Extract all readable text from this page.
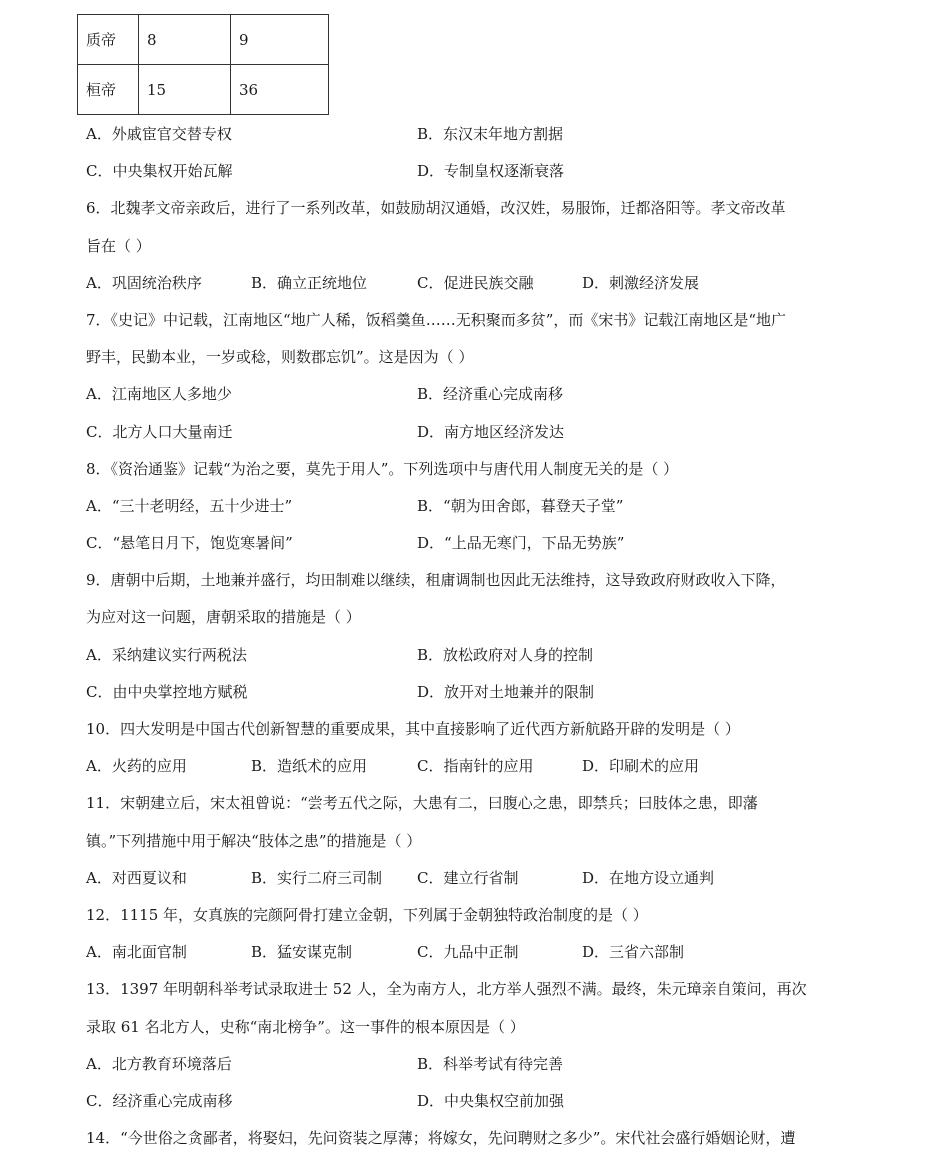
质帝	8	9
桓帝	15	36
A．外戚宦官交替专权	B．东汉末年地方割据
C．中央集权开始瓦解	D．专制皇权逐渐衰落
6．北魏孝文帝亲政后，进行了一系列改革，如鼓励胡汉通婚，改汉姓，易服饰，迁都洛阳等。孝文帝改革
旨在（ ）
A．巩固统治秩序	B．确立正统地位	C．促进民族交融	D．刺激经济发展
7．《史记》中记载，江南地区“地广人稀，饭稻羹鱼……无积聚而多贫”，而《宋书》记载江南地区是“地广
野丰，民勤本业，一岁或稔，则数郡忘饥”。这是因为（ ）
A．江南地区人多地少	B．经济重心完成南移
C．北方人口大量南迁	D．南方地区经济发达
8．《资治通鉴》记载“为治之要，莫先于用人”。下列选项中与唐代用人制度无关的是（ ）
A．“三十老明经，五十少进士”	B．“朝为田舍郎，暮登天子堂”
C．“悬笔日月下，饱览寒暑间”	D．“上品无寒门，下品无势族”
9．唐朝中后期，土地兼并盛行，均田制难以继续，租庸调制也因此无法维持，这导致政府财政收入下降，
为应对这一问题，唐朝采取的措施是（ ）
A．采纳建议实行两税法	B．放松政府对人身的控制
C．由中央掌控地方赋税	D．放开对土地兼并的限制
10．四大发明是中国古代创新智慧的重要成果，其中直接影响了近代西方新航路开辟的发明是（ ）
A．火药的应用	B．造纸术的应用	C．指南针的应用	D．印刷术的应用
11．宋朝建立后，宋太祖曾说：“尝考五代之际，大患有二，曰腹心之患，即禁兵；曰肢体之患，即藩
镇。”下列措施中用于解决“肢体之患”的措施是（ ）
A．对西夏议和	B．实行二府三司制 C．建立行省制	D．在地方设立通判
12．1115 年，女真族的完颜阿骨打建立金朝，下列属于金朝独特政治制度的是（ ）
A．南北面官制	B．猛安谋克制	C．九品中正制	D．三省六部制
13．1397 年明朝科举考试录取进士 52 人，全为南方人，北方举人强烈不满。最终，朱元璋亲自策问，再次
录取 61 名北方人，史称“南北榜争”。这一事件的根本原因是（ ）
A．北方教育环境落后	B．科举考试有待完善
C．经济重心完成南移	D．中央集权空前加强
14．“今世俗之贪鄙者，将娶妇，先问资装之厚薄；将嫁女，先问聘财之多少”。宋代社会盛行婚姻论财，遭
